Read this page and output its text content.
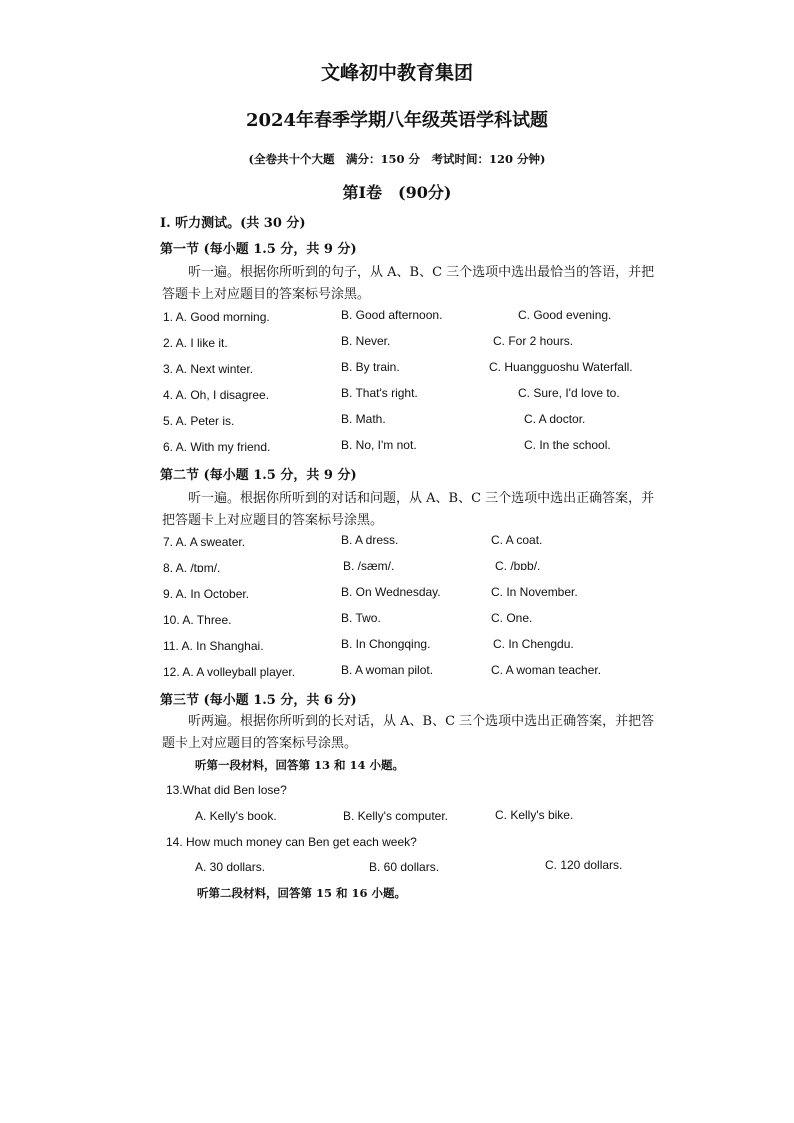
文峰初中教育集团
2024年春季学期八年级英语学科试题
(全卷共十个大题　满分：150 分　考试时间：120 分钟)
第Ⅰ卷　(90分)
I. 听力测试。(共 30 分)
第一节 (每小题 1.5 分，共 9 分)
听一遍。根据你所听到的句子，从 A、B、C 三个选项中选出最恰当的答语，并把答题卡上对应题目的答案标号涂黑。
1. A. Good morning.	B. Good afternoon.	C. Good evening.
2. A. I like it.	B. Never.	C. For 2 hours.
3. A. Next winter.	B. By train.	C. Huangguoshu Waterfall.
4. A. Oh, I disagree.	B. That's right.	C. Sure, I'd love to.
5. A. Peter is.	B. Math.	C. A doctor.
6. A. With my friend.	B. No, I'm not.	C. In the school.
第二节 (每小题 1.5 分，共 9 分)
听一遍。根据你所听到的对话和问题，从 A、B、C 三个选项中选出正确答案，并把答题卡上对应题目的答案标号涂黑。
7. A. A sweater.	B. A dress.	C. A coat.
8. A. /tɒm/.	B. /sæm/.	C. /bɒb/.
9. A. In October.	B. On Wednesday.	C. In November.
10. A. Three.	B. Two.	C. One.
11. A. In Shanghai.	B. In Chongqing.	C. In Chengdu.
12. A. A volleyball player.	B. A woman pilot.	C. A woman teacher.
第三节 (每小题 1.5 分，共 6 分)
听两遍。根据你所听到的长对话，从 A、B、C 三个选项中选出正确答案，并把答题卡上对应题目的答案标号涂黑。
听第一段材料，回答第 13 和 14 小题。
13.What did Ben lose?
A. Kelly's book.	B. Kelly's computer.	C. Kelly's bike.
14. How much money can Ben get each week?
A. 30 dollars.	B. 60 dollars.	C. 120 dollars.
听第二段材料，回答第 15 和 16 小题。
